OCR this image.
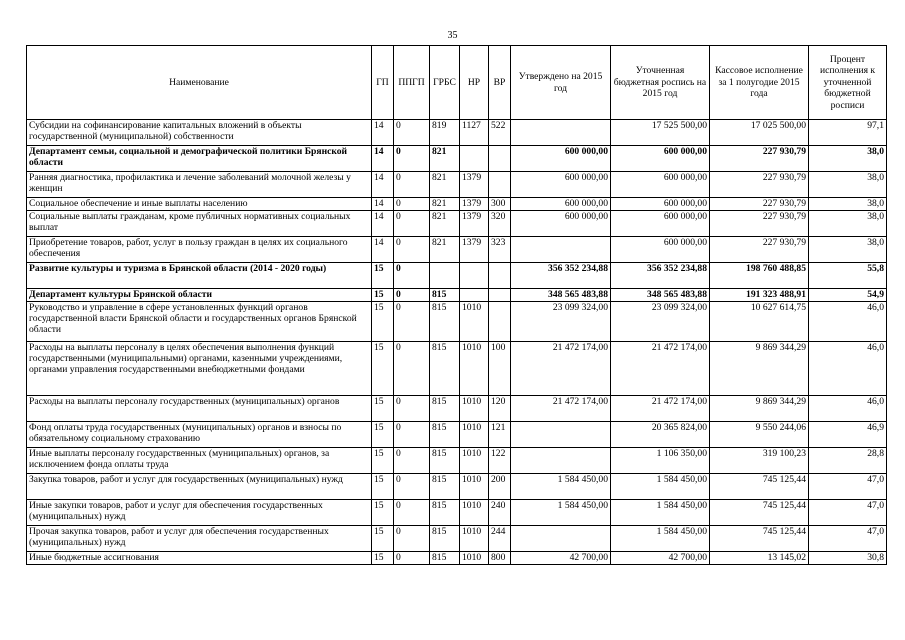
35
Наименование	ГП	ППГП	ГРБС	НР	ВР	Утверждено на 2015 год	Уточненная бюджетная роспись на 2015 год	Кассовое исполнение за 1 полугодие 2015 года	Процент исполнения к уточненной бюджетной росписи
Субсидии на софинансирование капитальных вложений в объекты государственной (муниципальной) собственности	14	0	819	1127	522		17 525 500,00	17 025 500,00	97,1
Департамент семьи, социальной и демографической политики Брянской области	14	0	821			600 000,00	600 000,00	227 930,79	38,0
Ранняя диагностика, профилактика и лечение заболеваний молочной железы у женщин	14	0	821	1379		600 000,00	600 000,00	227 930,79	38,0
Социальное обеспечение и иные выплаты населению	14	0	821	1379	300	600 000,00	600 000,00	227 930,79	38,0
Социальные выплаты гражданам, кроме публичных нормативных социальных выплат	14	0	821	1379	320	600 000,00	600 000,00	227 930,79	38,0
Приобретение товаров, работ, услуг в пользу граждан в целях их социального обеспечения	14	0	821	1379	323		600 000,00	227 930,79	38,0
Развитие культуры и туризма в Брянской области (2014 - 2020 годы)	15	0				356 352 234,88	356 352 234,88	198 760 488,85	55,8
Департамент культуры Брянской области	15	0	815			348 565 483,88	348 565 483,88	191 323 488,91	54,9
Руководство и управление в сфере установленных функций органов государственной власти Брянской области и государственных органов Брянской области	15	0	815	1010		23 099 324,00	23 099 324,00	10 627 614,75	46,0
Расходы на выплаты персоналу в целях обеспечения выполнения функций государственными (муниципальными) органами, казенными учреждениями, органами управления государственными внебюджетными фондами	15	0	815	1010	100	21 472 174,00	21 472 174,00	9 869 344,29	46,0
Расходы на выплаты персоналу государственных (муниципальных) органов	15	0	815	1010	120	21 472 174,00	21 472 174,00	9 869 344,29	46,0
Фонд оплаты труда государственных (муниципальных) органов и взносы по обязательному социальному страхованию	15	0	815	1010	121		20 365 824,00	9 550 244,06	46,9
Иные выплаты персоналу государственных (муниципальных) органов, за исключением фонда оплаты труда	15	0	815	1010	122		1 106 350,00	319 100,23	28,8
Закупка товаров, работ и услуг для государственных (муниципальных) нужд	15	0	815	1010	200	1 584 450,00	1 584 450,00	745 125,44	47,0
Иные закупки товаров, работ и услуг для обеспечения государственных (муниципальных) нужд	15	0	815	1010	240	1 584 450,00	1 584 450,00	745 125,44	47,0
Прочая закупка товаров, работ и услуг для обеспечения государственных (муниципальных) нужд	15	0	815	1010	244		1 584 450,00	745 125,44	47,0
Иные бюджетные ассигнования	15	0	815	1010	800	42 700,00	42 700,00	13 145,02	30,8
